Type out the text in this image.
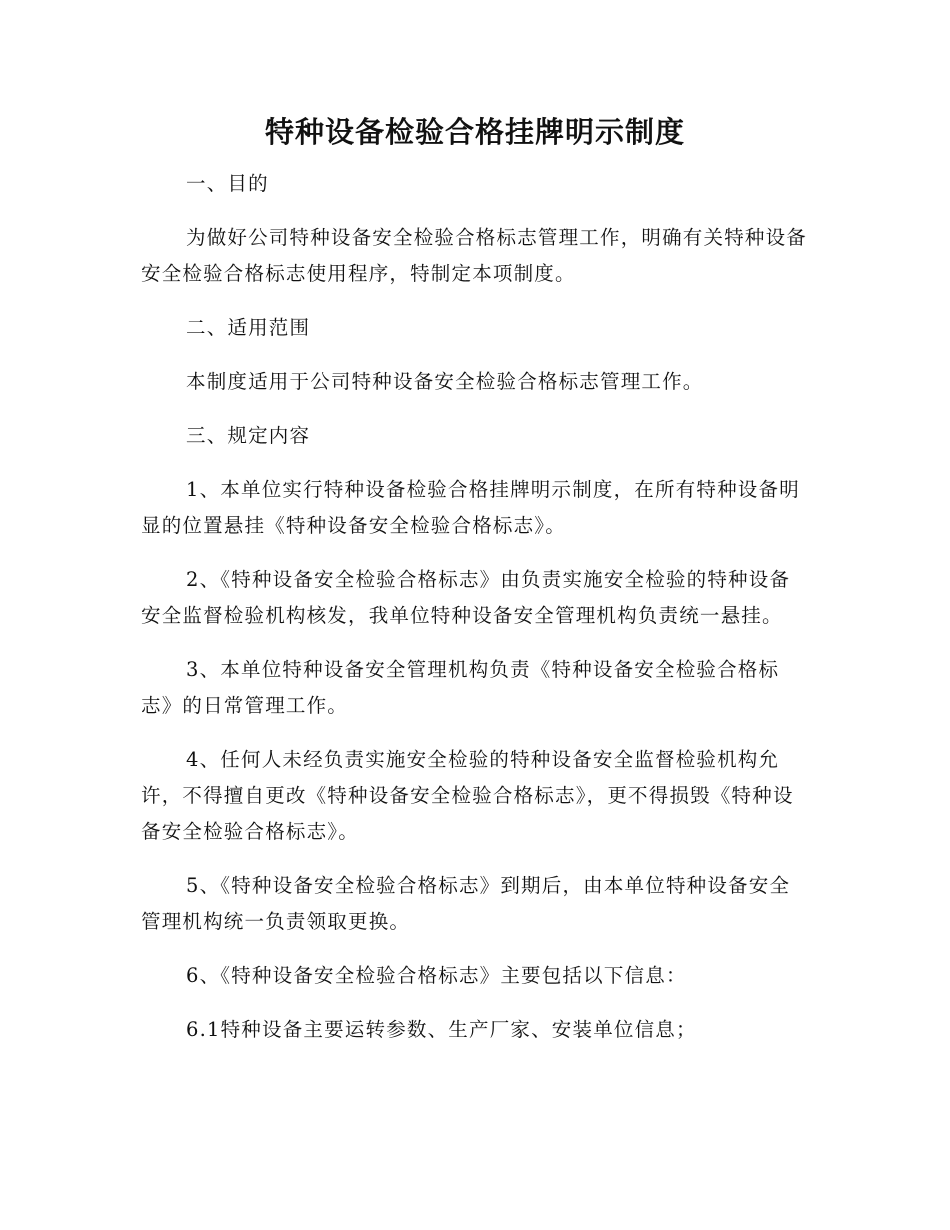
特种设备检验合格挂牌明示制度

一、目的

为做好公司特种设备安全检验合格标志管理工作，明确有关特种设备安全检验合格标志使用程序，特制定本项制度。

二、适用范围

本制度适用于公司特种设备安全检验合格标志管理工作。

三、规定内容

1、本单位实行特种设备检验合格挂牌明示制度，在所有特种设备明显的位置悬挂《特种设备安全检验合格标志》。

2、《特种设备安全检验合格标志》由负责实施安全检验的特种设备安全监督检验机构核发，我单位特种设备安全管理机构负责统一悬挂。

3、本单位特种设备安全管理机构负责《特种设备安全检验合格标志》的日常管理工作。

4、任何人未经负责实施安全检验的特种设备安全监督检验机构允许，不得擅自更改《特种设备安全检验合格标志》，更不得损毁《特种设备安全检验合格标志》。

5、《特种设备安全检验合格标志》到期后，由本单位特种设备安全管理机构统一负责领取更换。

6、《特种设备安全检验合格标志》主要包括以下信息：

6.1特种设备主要运转参数、生产厂家、安装单位信息；
